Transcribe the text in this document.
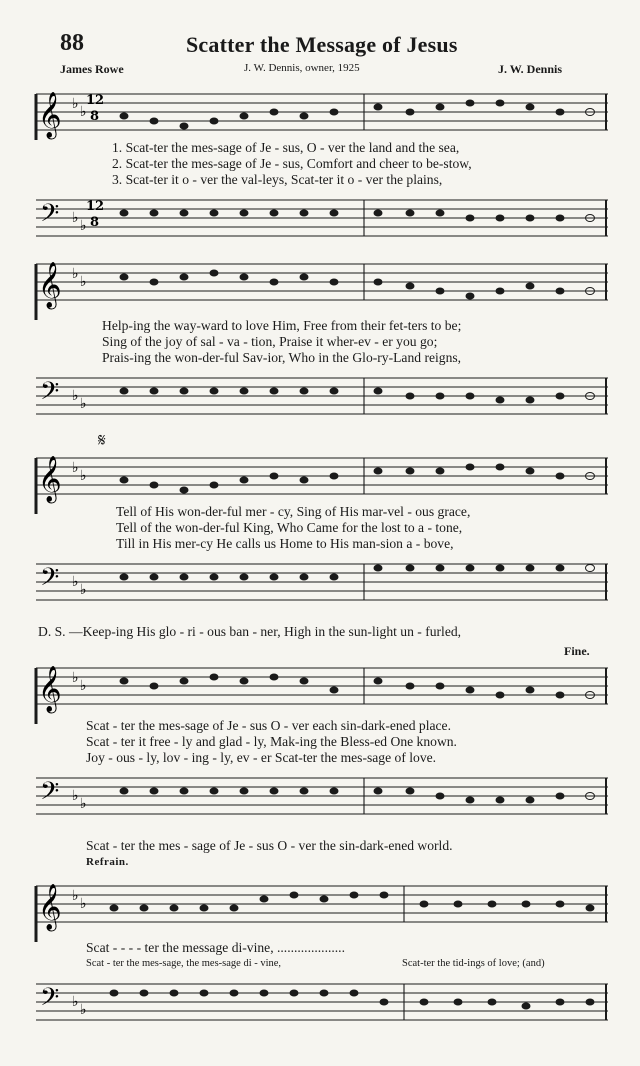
88	Scatter the Message of Jesus
James Rowe	J. W. Dennis, owner, 1925	J. W. Dennis
𝄞 ♭ ♭
12
8
1. Scat-ter the mes-sage of Je - sus, O - ver the land and the sea,
2. Scat-ter the mes-sage of Je - sus, Comfort and cheer to be-stow,
3. Scat-ter it o - ver the val-leys, Scat-ter it o - ver the plains,
𝄢 ♭ ♭
12
8
𝄞 ♭ ♭
Help-ing the way-ward to love Him, Free from their fet-ters to be;
Sing of the joy of sal - va - tion, Praise it wher-ev - er you go;
Prais-ing the won-der-ful Sav-ior, Who in the Glo-ry-Land reigns,
𝄢 ♭ ♭
𝄋
𝄞 ♭ ♭
Tell of His won-der-ful mer - cy, Sing of His mar-vel - ous grace,
Tell of the won-der-ful King, Who Came for the lost to a - tone,
Till in His mer-cy He calls us Home to His man-sion a - bove,
𝄢 ♭ ♭
D. S. —Keep-ing His glo - ri - ous ban - ner, High in the sun-light un - furled,
Fine.
𝄞 ♭ ♭
Scat - ter the mes-sage of Je - sus O - ver each sin-dark-ened place.
Scat - ter it free - ly and glad - ly, Mak-ing the Bless-ed One known.
Joy - ous - ly, lov - ing - ly, ev - er Scat-ter the mes-sage of love.
𝄢 ♭ ♭
Scat - ter the mes - sage of Je - sus O - ver the sin-dark-ened world.
Refrain.
𝄞 ♭ ♭
Scat - - - - ter the message di-vine, ....................
Scat - ter the mes-sage, the mes-sage di - vine,	Scat-ter the tid-ings of love; (and)
𝄢 ♭ ♭
